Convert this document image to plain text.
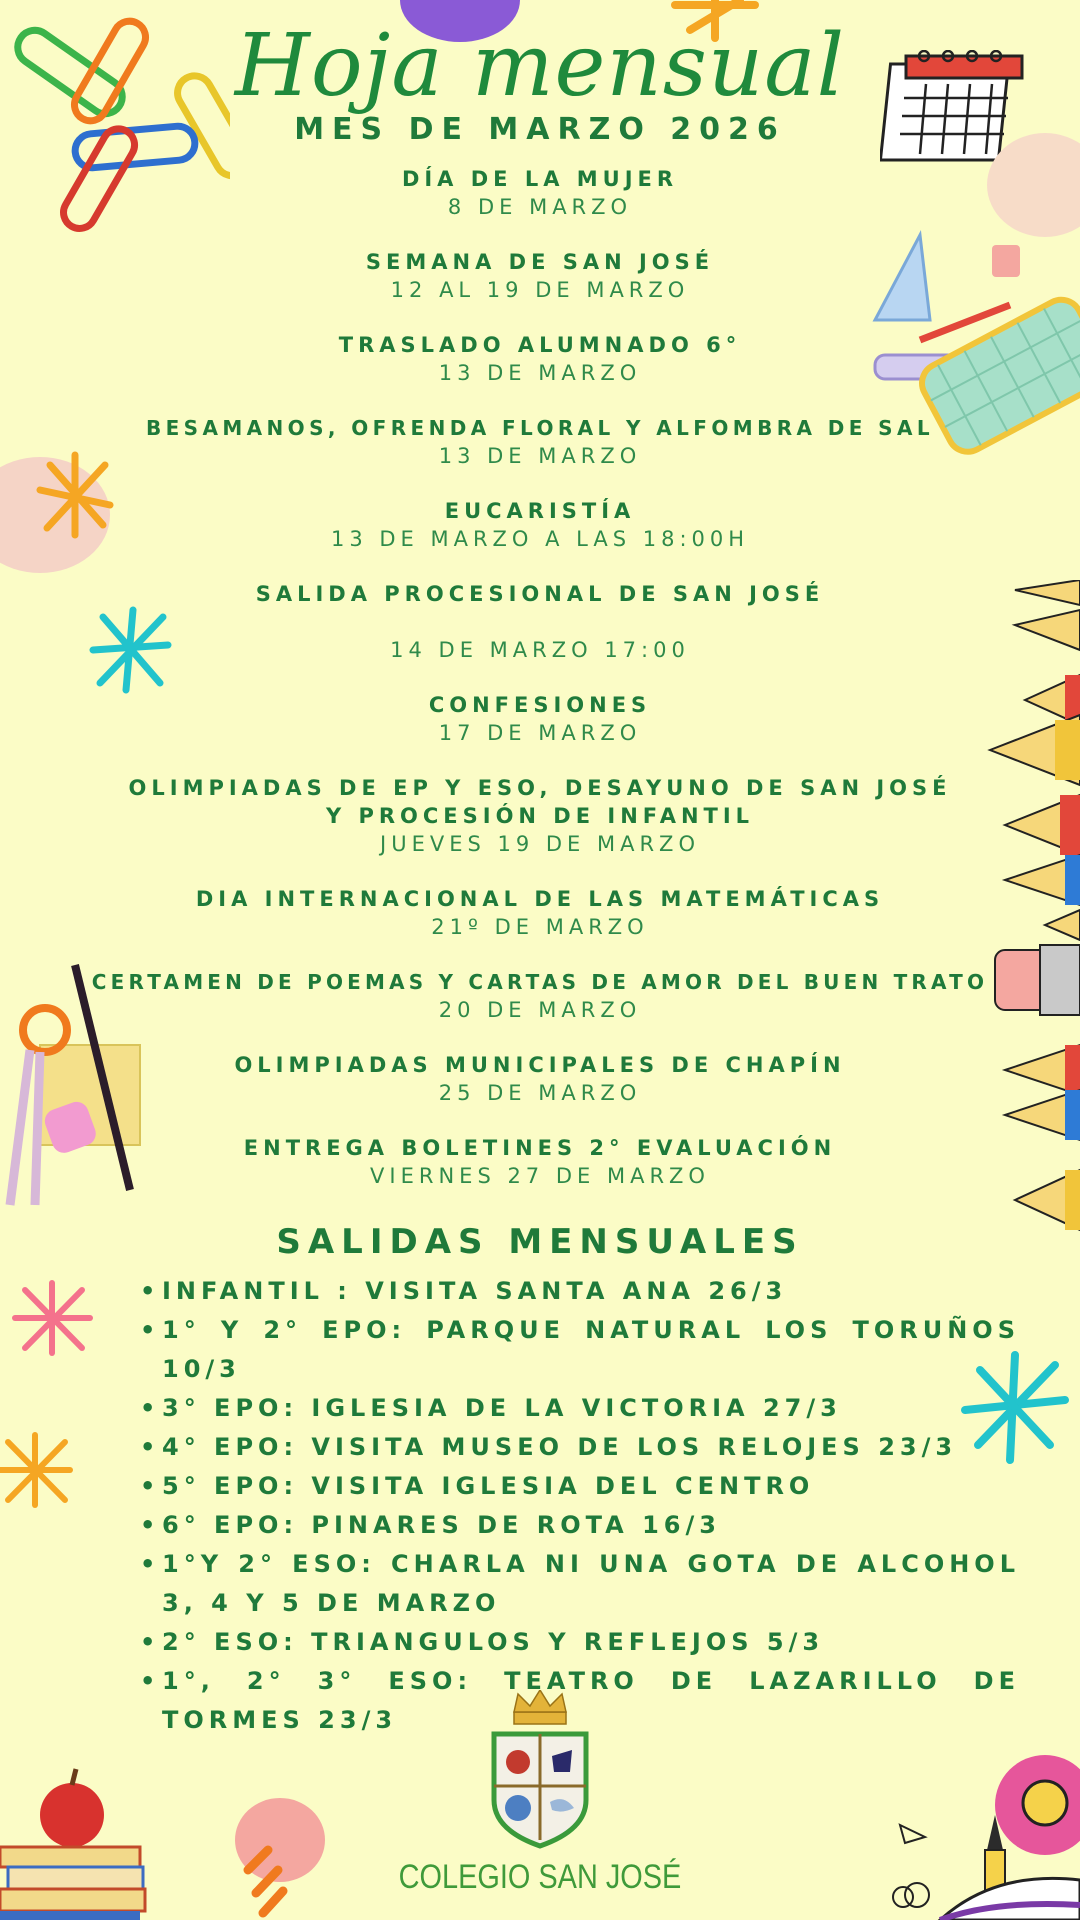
Hoja mensual
MES DE MARZO 2026
DÍA DE LA MUJER
8 DE MARZO
SEMANA DE SAN JOSÉ
12 AL 19 DE MARZO
TRASLADO ALUMNADO 6°
13 DE MARZO
BESAMANOS, OFRENDA FLORAL Y ALFOMBRA DE SAL
13 DE MARZO
EUCARISTÍA
13 DE MARZO A LAS 18:00H
SALIDA PROCESIONAL DE SAN JOSÉ
14 DE MARZO 17:00
CONFESIONES
17 DE MARZO
OLIMPIADAS DE EP Y ESO, DESAYUNO DE SAN JOSÉ
Y PROCESIÓN DE INFANTIL
JUEVES 19 DE MARZO
DIA INTERNACIONAL DE LAS MATEMÁTICAS
21º DE MARZO
CERTAMEN DE POEMAS Y CARTAS DE AMOR DEL BUEN TRATO
20 DE MARZO
OLIMPIADAS MUNICIPALES DE CHAPÍN
25 DE MARZO
ENTREGA BOLETINES 2° EVALUACIÓN
VIERNES 27 DE MARZO
SALIDAS MENSUALES
• INFANTIL : VISITA SANTA ANA 26/3
• 1° Y 2° EPO: PARQUE NATURAL LOS TORUÑOS 10/3
• 3° EPO: IGLESIA DE LA VICTORIA 27/3
• 4° EPO: VISITA MUSEO DE LOS RELOJES 23/3
• 5° EPO: VISITA IGLESIA DEL CENTRO
• 6° EPO: PINARES DE ROTA 16/3
• 1°Y 2° ESO: CHARLA NI UNA GOTA DE ALCOHOL 3, 4 Y 5 DE MARZO
• 2° ESO: TRIANGULOS Y REFLEJOS 5/3
• 1°, 2° 3° ESO: TEATRO DE LAZARILLO DE TORMES 23/3
COLEGIO SAN JOSÉ
